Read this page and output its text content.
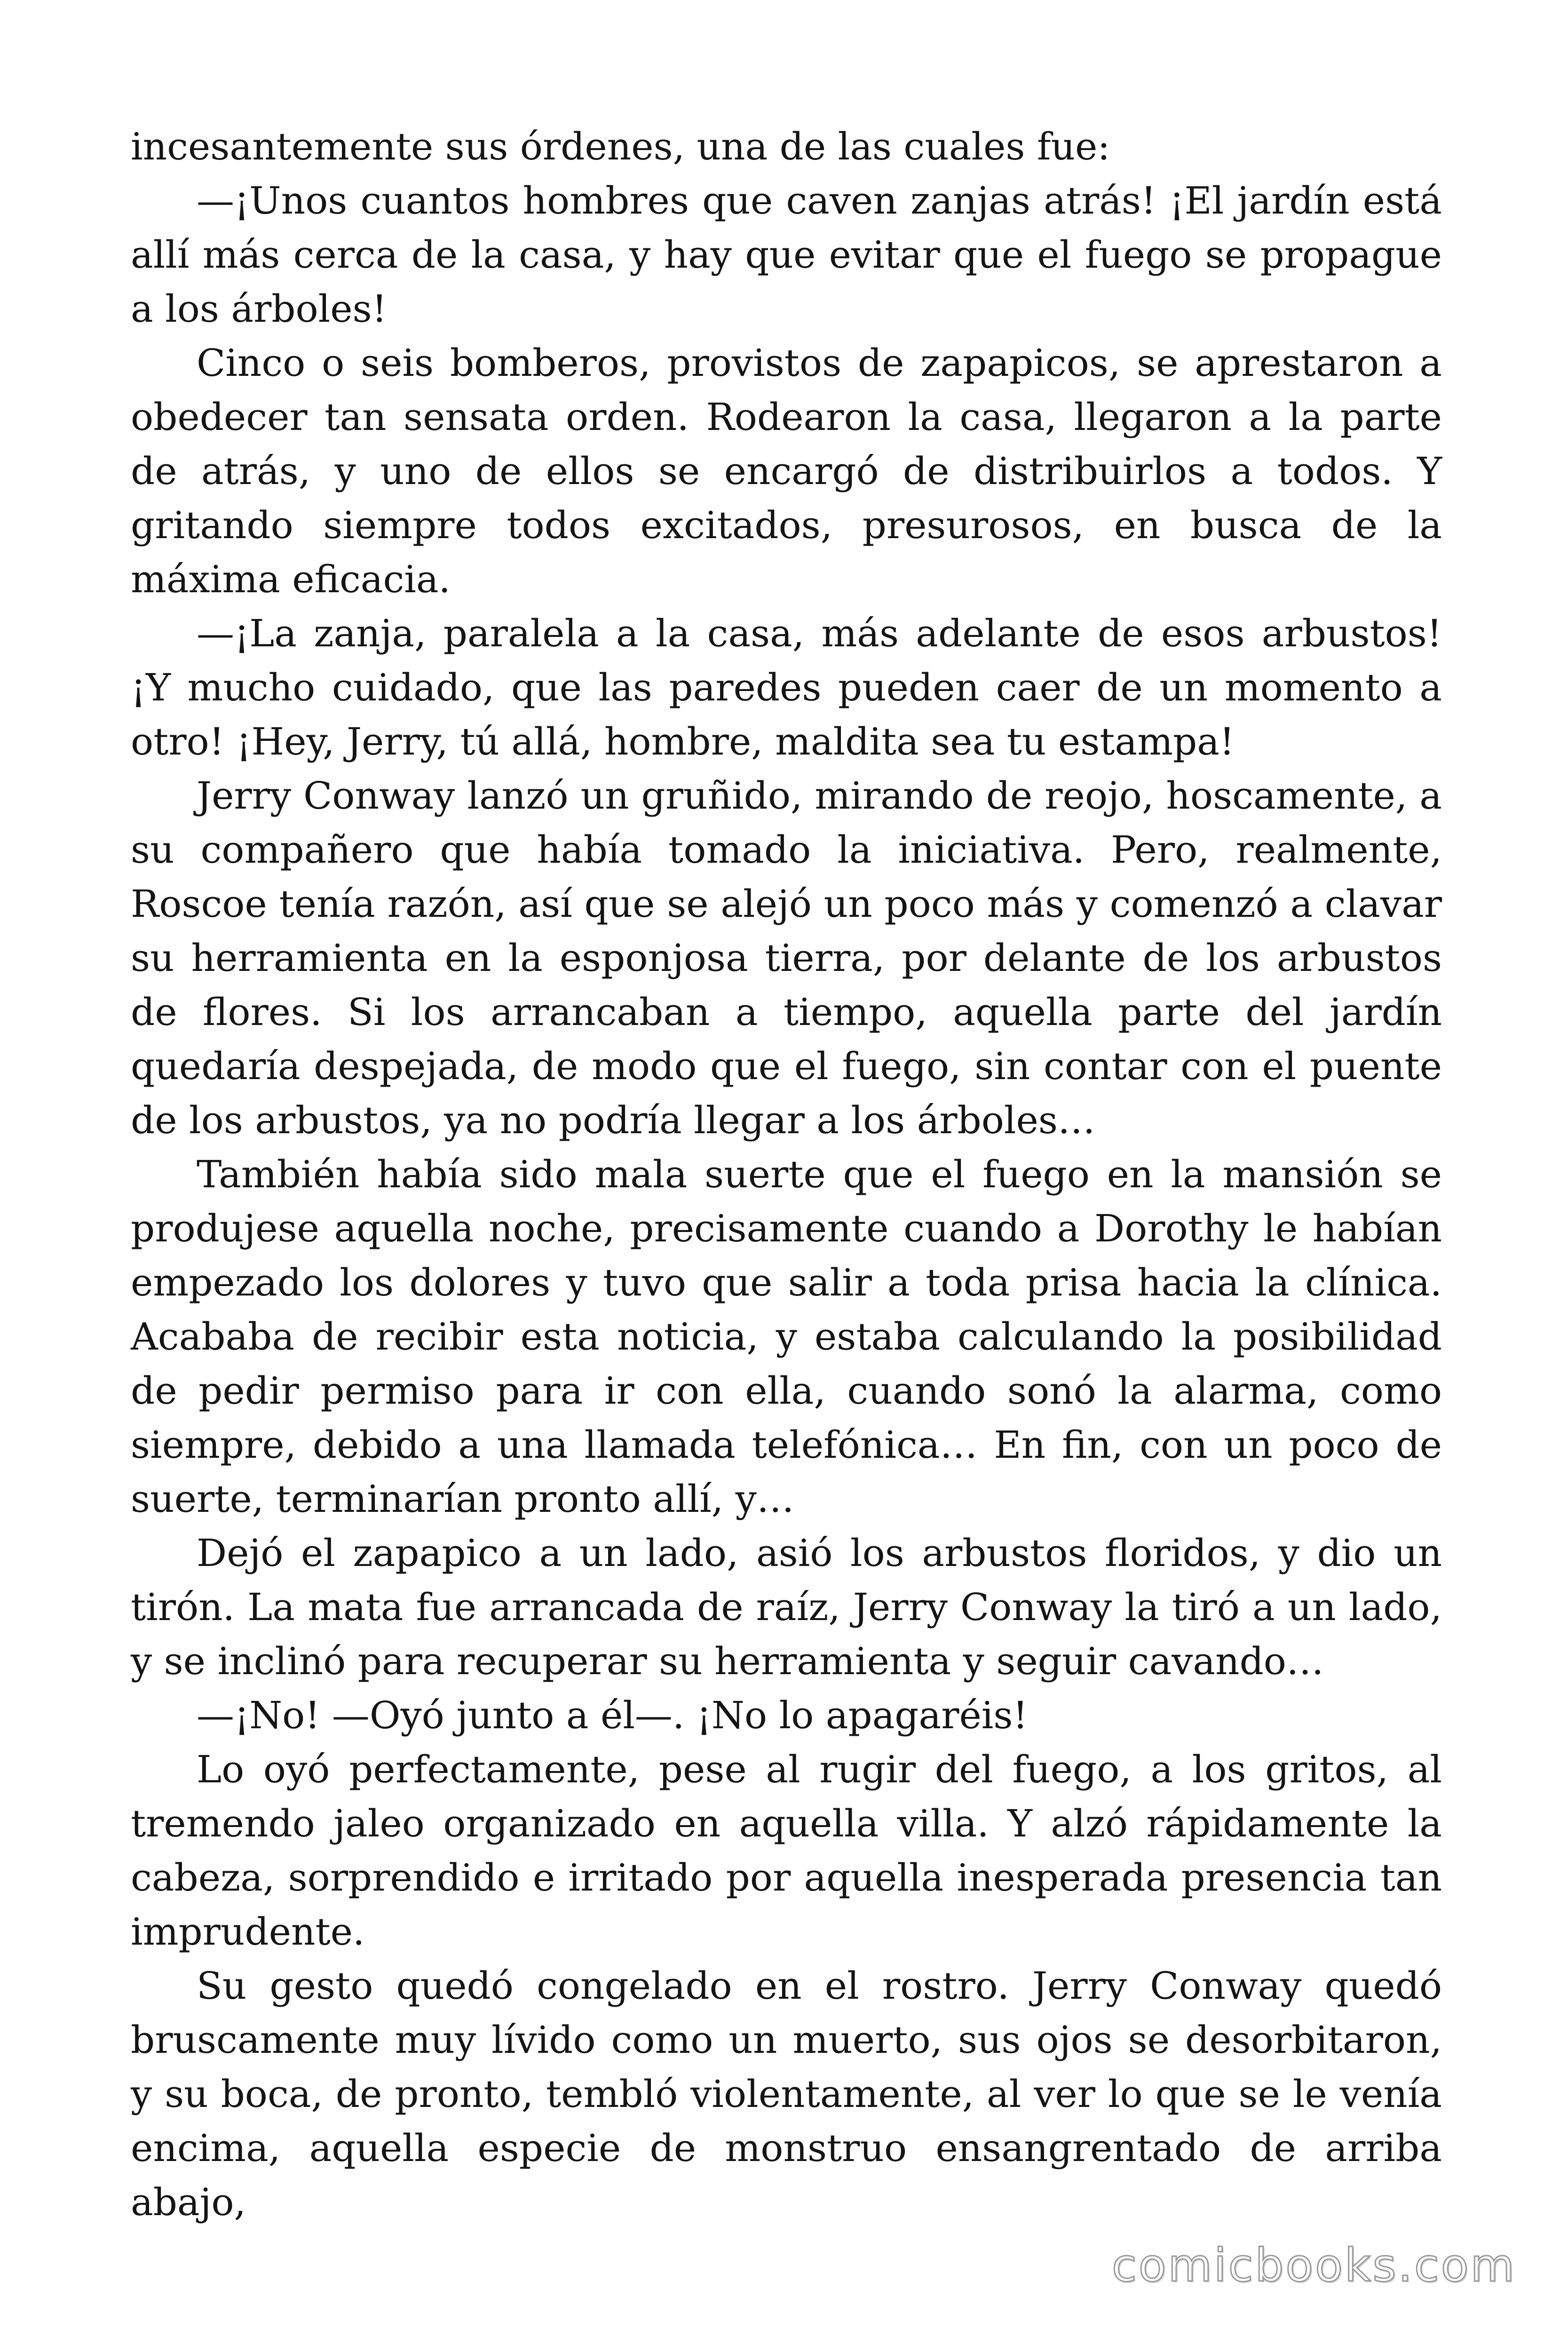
incesantemente sus órdenes, una de las cuales fue:

—¡Unos cuantos hombres que caven zanjas atrás! ¡El jardín está allí más cerca de la casa, y hay que evitar que el fuego se propague a los árboles!

Cinco o seis bomberos, provistos de zapapicos, se aprestaron a obedecer tan sensata orden. Rodearon la casa, llegaron a la parte de atrás, y uno de ellos se encargó de distribuirlos a todos. Y gritando siempre todos excitados, presurosos, en busca de la máxima eficacia.

—¡La zanja, paralela a la casa, más adelante de esos arbustos! ¡Y mucho cuidado, que las paredes pueden caer de un momento a otro! ¡Hey, Jerry, tú allá, hombre, maldita sea tu estampa!

Jerry Conway lanzó un gruñido, mirando de reojo, hoscamente, a su compañero que había tomado la iniciativa. Pero, realmente, Roscoe tenía razón, así que se alejó un poco más y comenzó a clavar su herramienta en la esponjosa tierra, por delante de los arbustos de flores. Si los arrancaban a tiempo, aquella parte del jardín quedaría despejada, de modo que el fuego, sin contar con el puente de los arbustos, ya no podría llegar a los árboles…

También había sido mala suerte que el fuego en la mansión se produjese aquella noche, precisamente cuando a Dorothy le habían empezado los dolores y tuvo que salir a toda prisa hacia la clínica. Acababa de recibir esta noticia, y estaba calculando la posibilidad de pedir permiso para ir con ella, cuando sonó la alarma, como siempre, debido a una llamada telefónica… En fin, con un poco de suerte, terminarían pronto allí, y…

Dejó el zapapico a un lado, asió los arbustos floridos, y dio un tirón. La mata fue arrancada de raíz, Jerry Conway la tiró a un lado, y se inclinó para recuperar su herramienta y seguir cavando…

—¡No! —Oyó junto a él—. ¡No lo apagaréis!

Lo oyó perfectamente, pese al rugir del fuego, a los gritos, al tremendo jaleo organizado en aquella villa. Y alzó rápidamente la cabeza, sorprendido e irritado por aquella inesperada presencia tan imprudente.

Su gesto quedó congelado en el rostro. Jerry Conway quedó bruscamente muy lívido como un muerto, sus ojos se desorbitaron, y su boca, de pronto, tembló violentamente, al ver lo que se le venía encima, aquella especie de monstruo ensangrentado de arriba abajo,

comicbooks.com
